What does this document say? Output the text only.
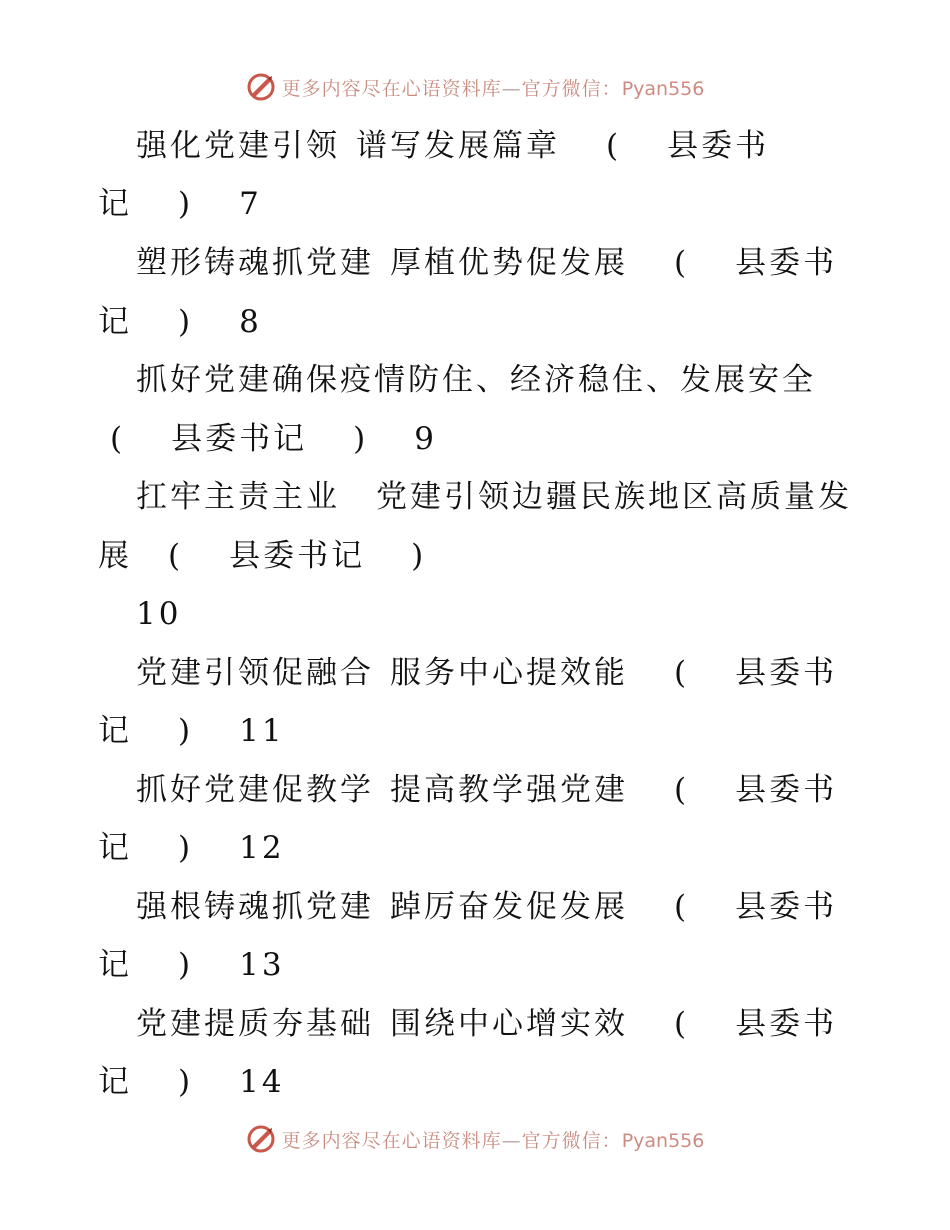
更多内容尽在心语资料库—官方微信：Pyan556
强化党建引领 谱写发展篇章 ( 县委书
记 ) 7
塑形铸魂抓党建 厚植优势促发展 ( 县委书
记 ) 8
抓好党建确保疫情防住、经济稳住、发展安全
( 县委书记 ) 9
扛牢主责主业 党建引领边疆民族地区高质量发
展 ( 县委书记 )
10
党建引领促融合 服务中心提效能 ( 县委书
记 ) 11
抓好党建促教学 提高教学强党建 ( 县委书
记 ) 12
强根铸魂抓党建 踔厉奋发促发展 ( 县委书
记 ) 13
党建提质夯基础 围绕中心增实效 ( 县委书
记 ) 14
更多内容尽在心语资料库—官方微信：Pyan556
